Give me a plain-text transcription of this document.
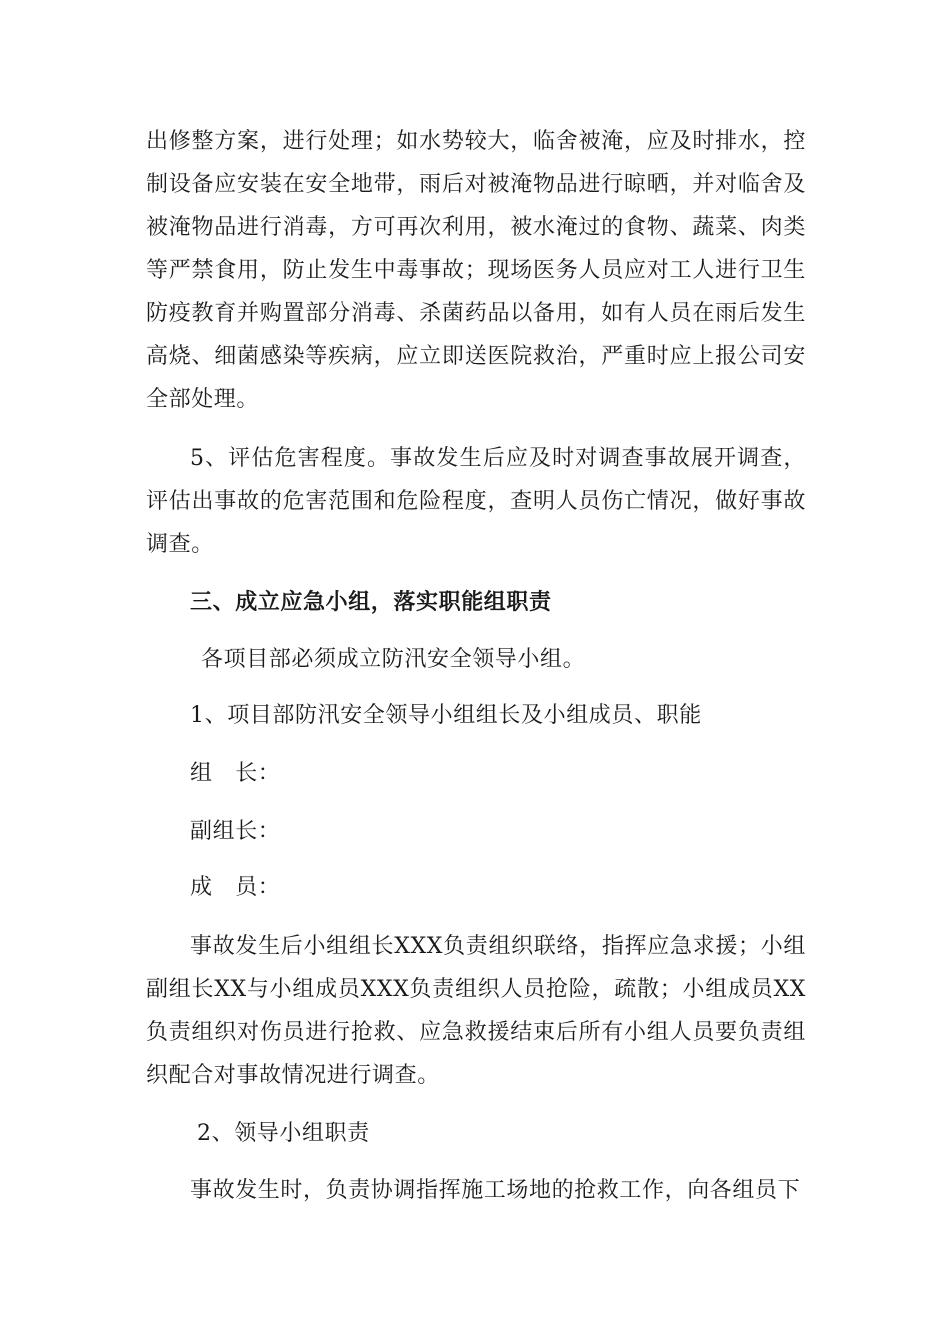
出修整方案，进行处理；如水势较大，临舍被淹，应及时排水，控制设备应安装在安全地带，雨后对被淹物品进行晾晒，并对临舍及被淹物品进行消毒，方可再次利用，被水淹过的食物、蔬菜、肉类等严禁食用，防止发生中毒事故；现场医务人员应对工人进行卫生防疫教育并购置部分消毒、杀菌药品以备用，如有人员在雨后发生高烧、细菌感染等疾病，应立即送医院救治，严重时应上报公司安全部处理。

5、评估危害程度。事故发生后应及时对调查事故展开调查，评估出事故的危害范围和危险程度，查明人员伤亡情况，做好事故调查。

三、成立应急小组，落实职能组职责

各项目部必须成立防汛安全领导小组。

1、项目部防汛安全领导小组组长及小组成员、职能

组　长：

副组长：

成　员：

事故发生后小组组长XXX负责组织联络，指挥应急求援；小组副组长XX与小组成员XXX负责组织人员抢险，疏散；小组成员XX负责组织对伤员进行抢救、应急救援结束后所有小组人员要负责组织配合对事故情况进行调查。

2、领导小组职责

事故发生时，负责协调指挥施工场地的抢救工作，向各组员下
